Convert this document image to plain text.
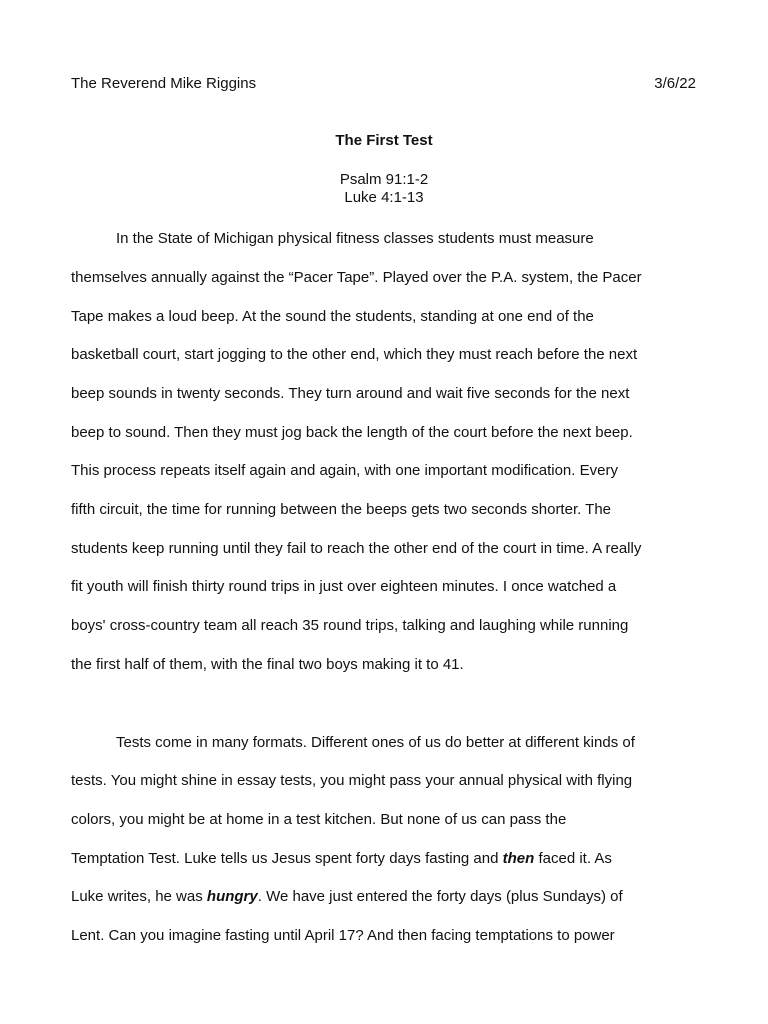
The Reverend Mike Riggins	3/6/22
The First Test
Psalm 91:1-2
Luke 4:1-13
In the State of Michigan physical fitness classes students must measure
themselves annually against the “Pacer Tape”. Played over the P.A. system, the Pacer
Tape makes a loud beep. At the sound the students, standing at one end of the
basketball court, start jogging to the other end, which they must reach before the next
beep sounds in twenty seconds. They turn around and wait five seconds for the next
beep to sound. Then they must jog back the length of the court before the next beep.
This process repeats itself again and again, with one important modification. Every
fifth circuit, the time for running between the beeps gets two seconds shorter. The
students keep running until they fail to reach the other end of the court in time. A really
fit youth will finish thirty round trips in just over eighteen minutes. I once watched a
boys' cross-country team all reach 35 round trips, talking and laughing while running
the first half of them, with the final two boys making it to 41.
Tests come in many formats. Different ones of us do better at different kinds of
tests. You might shine in essay tests, you might pass your annual physical with flying
colors, you might be at home in a test kitchen. But none of us can pass the
Temptation Test. Luke tells us Jesus spent forty days fasting and then faced it. As
Luke writes, he was hungry. We have just entered the forty days (plus Sundays) of
Lent. Can you imagine fasting until April 17? And then facing temptations to power
